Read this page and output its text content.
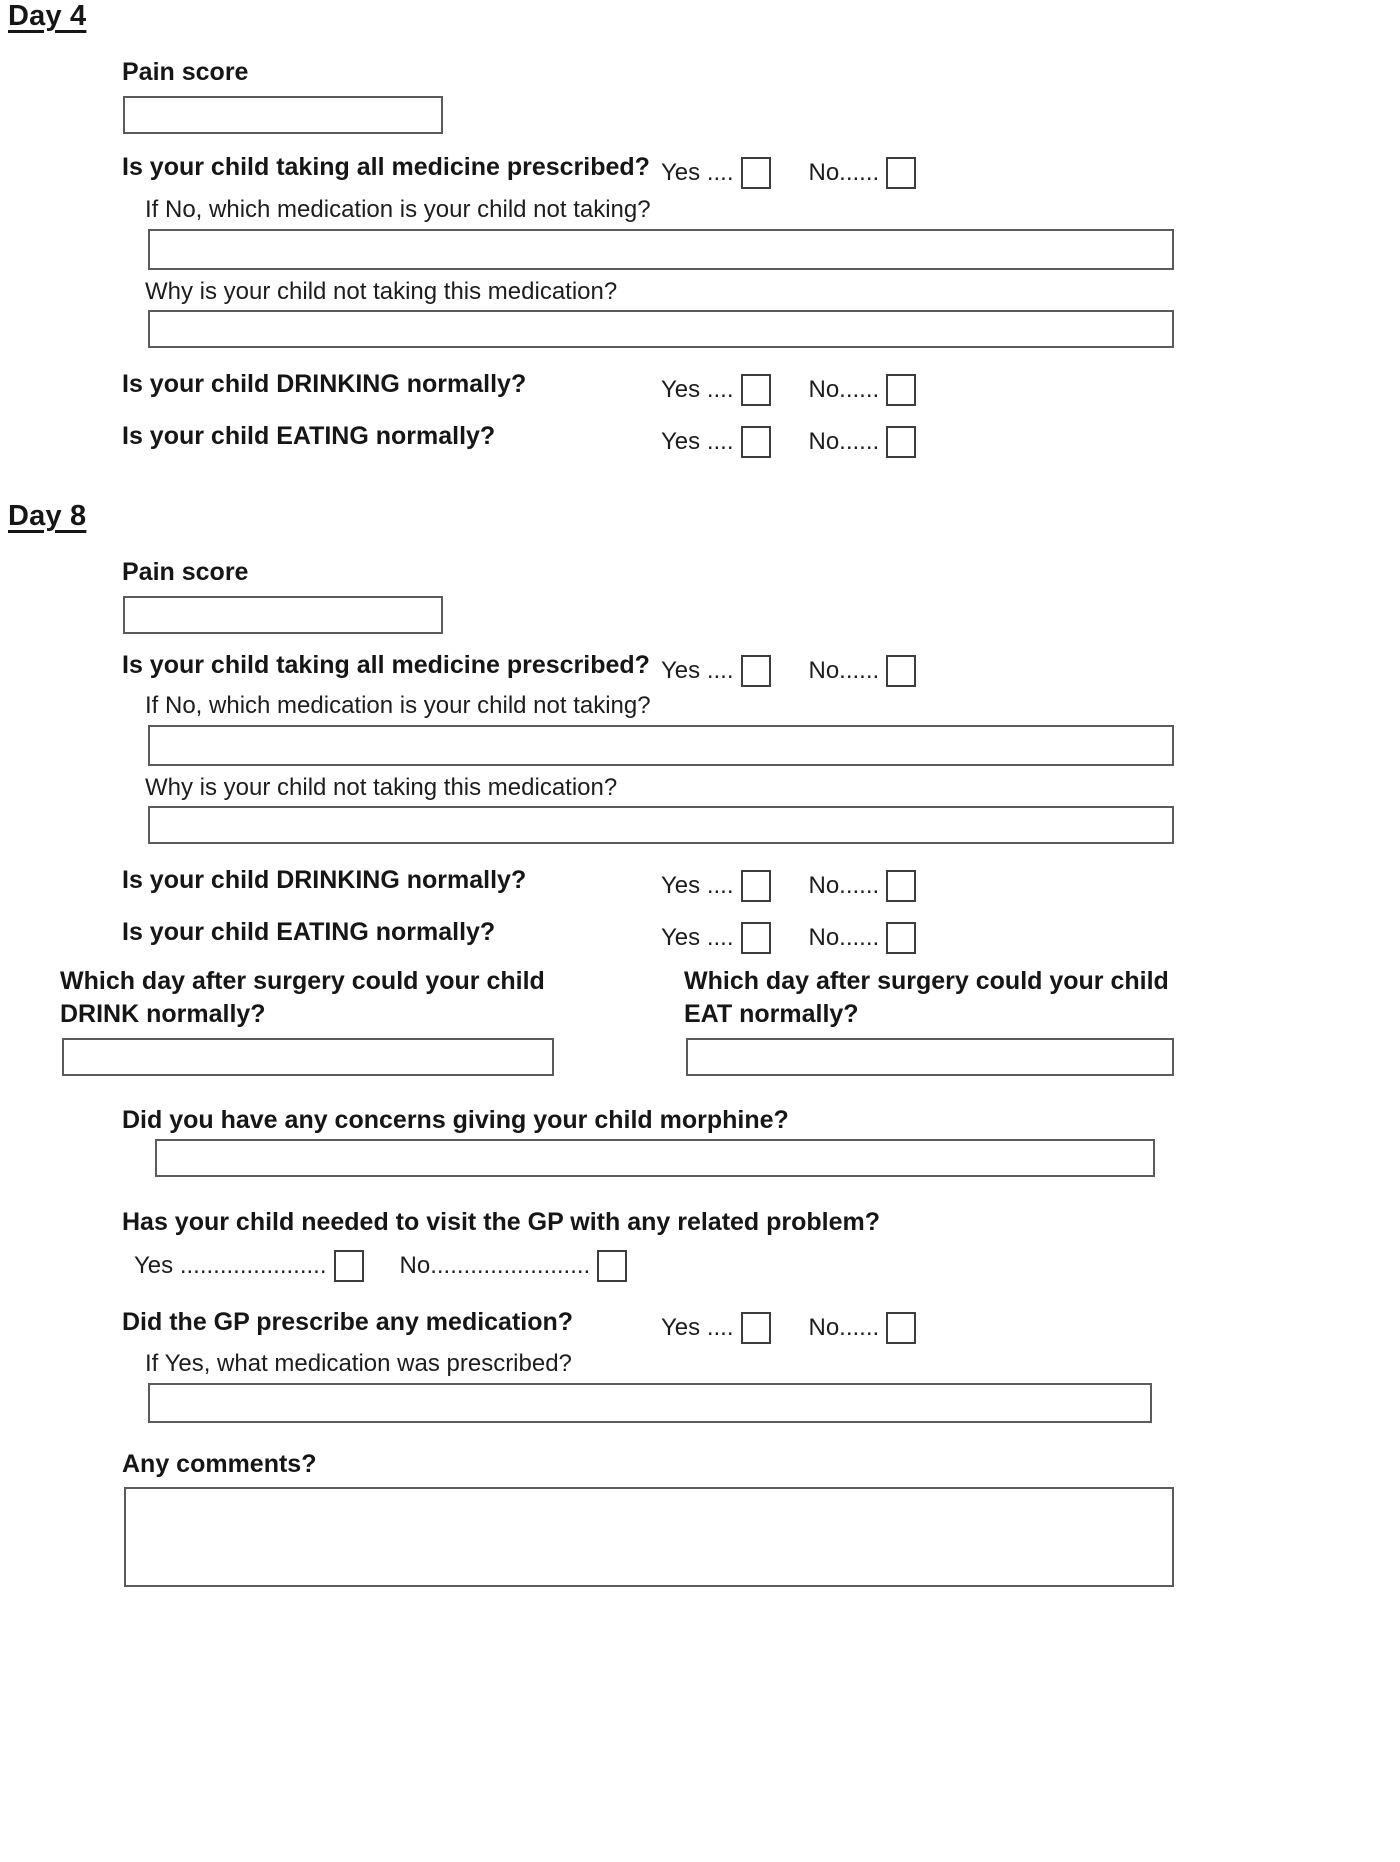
Day 4
Pain score
Is your child taking all medicine prescribed? Yes ....	No......
If No, which medication is your child not taking?
Why is your child not taking this medication?
Is your child DRINKING normally?	Yes ....	No......
Is your child EATING normally?	Yes ....	No......
Day 8
Pain score
Is your child taking all medicine prescribed? Yes ....	No......
If No, which medication is your child not taking?
Why is your child not taking this medication?
Is your child DRINKING normally?	Yes ....	No......
Is your child EATING normally?	Yes ....	No......
Which day after surgery could your child
DRINK normally?
Which day after surgery could your child
EAT normally?
Did you have any concerns giving your child morphine?
Has your child needed to visit the GP with any related problem?
Yes ......................	No........................
Did the GP prescribe any medication?	Yes ....	No......
If Yes, what medication was prescribed?
Any comments?
